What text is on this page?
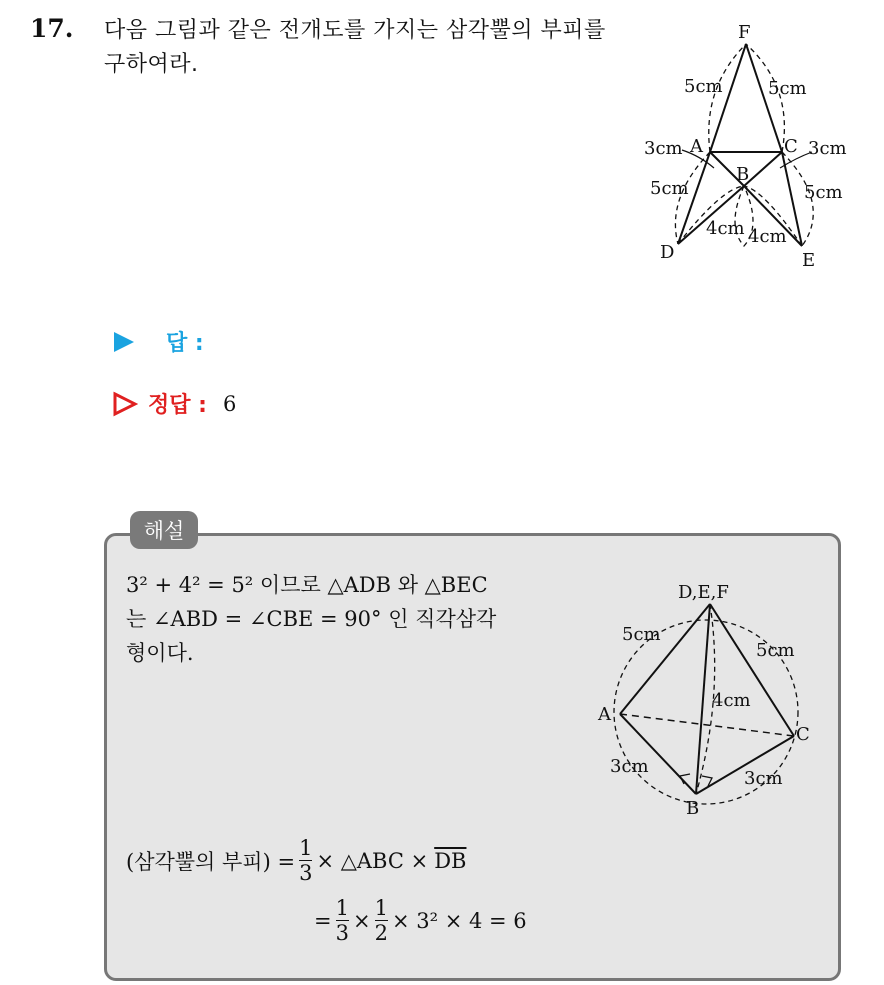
17. 다음 그림과 같은 전개도를 가지는 삼각뿔의 부피를 구하여라.
F
A	C
B
D	E
5cm	5cm
3cm	3cm
5cm	5cm
4cm 4cm
답 :
정답 : 6
해설
3² + 4² = 5² 이므로 △ADB 와 △BEC
는 ∠ABD = ∠CBE = 90° 인 직각삼각
형이다.
D,E,F
A
B
C
5cm
5cm
4cm
3cm
3cm
(삼각뿔의 부피) = $\frac{1}{3}$ × △ABC × $\overline{DB}$
= $\frac{1}{3} \times \frac{1}{2} \times 3^2 \times 4 = 6$
